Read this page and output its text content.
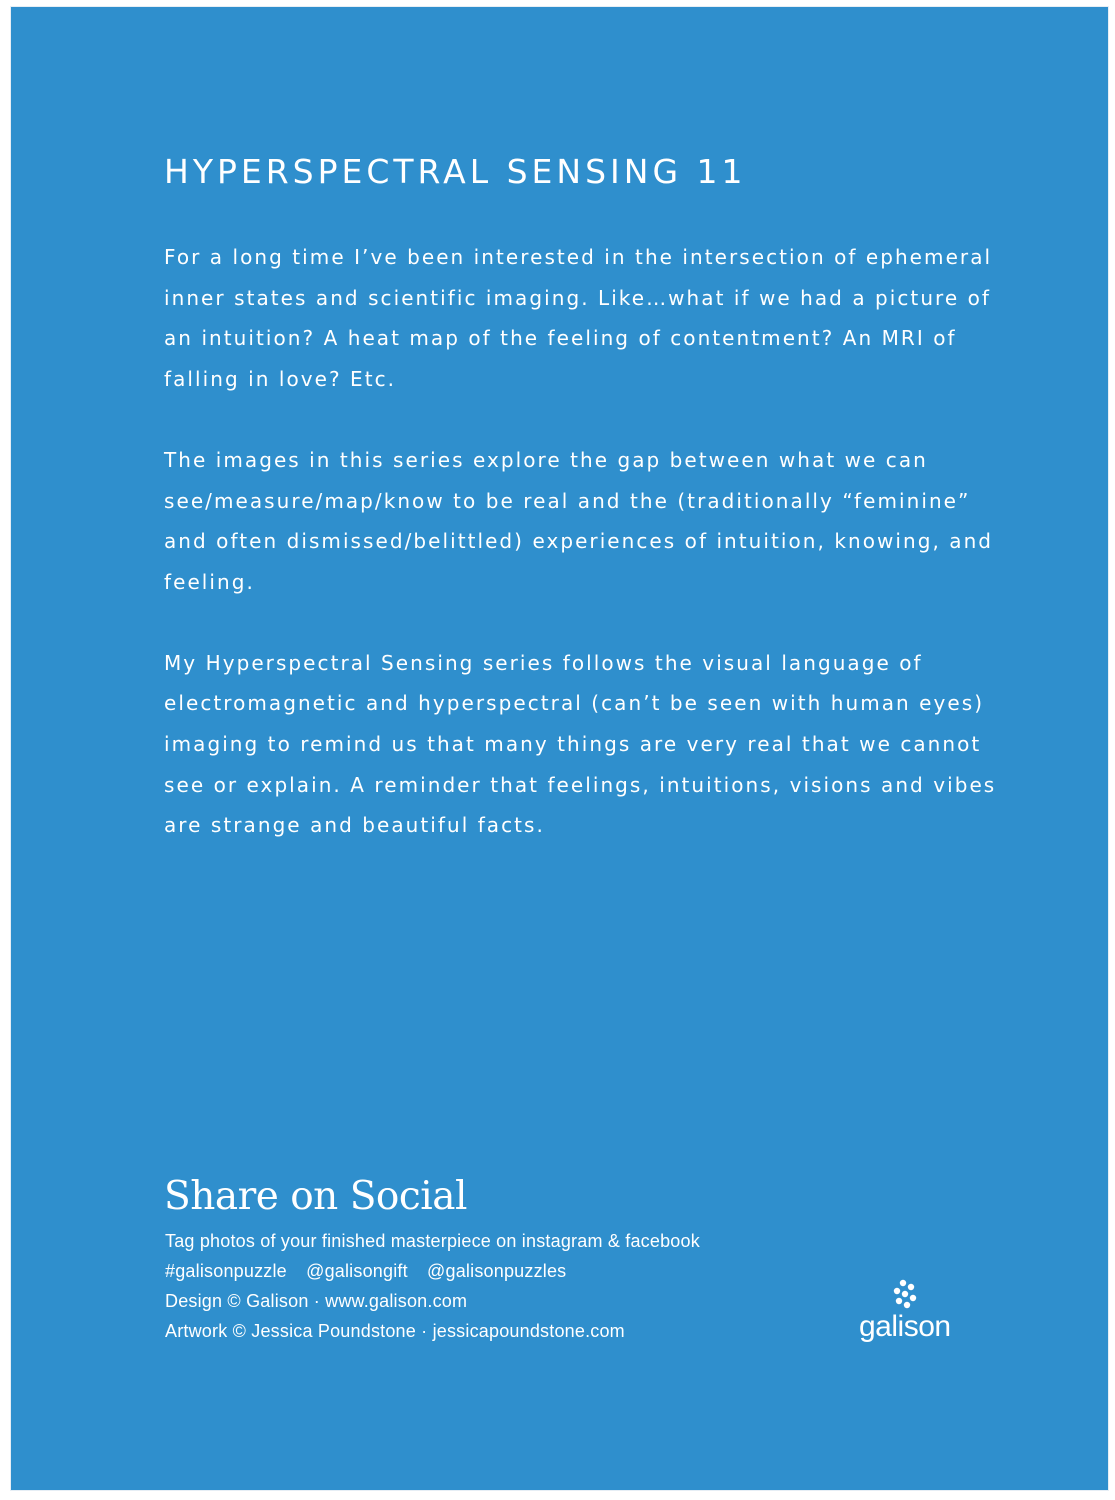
HYPERSPECTRAL SENSING 11

For a long time I’ve been interested in the intersection of ephemeral inner states and scientific imaging. Like…what if we had a picture of an intuition? A heat map of the feeling of contentment? An MRI of falling in love? Etc.

The images in this series explore the gap between what we can see/measure/map/know to be real and the (traditionally “feminine” and often dismissed/belittled) experiences of intuition, knowing, and feeling.

My Hyperspectral Sensing series follows the visual language of electromagnetic and hyperspectral (can’t be seen with human eyes) imaging to remind us that many things are very real that we cannot see or explain. A reminder that feelings, intuitions, visions and vibes are strange and beautiful facts.

Share on Social
Tag photos of your finished masterpiece on instagram & facebook
#galisonpuzzle @galisongift @galisonpuzzles
Design © Galison · www.galison.com
Artwork © Jessica Poundstone · jessicapoundstone.com	galison
